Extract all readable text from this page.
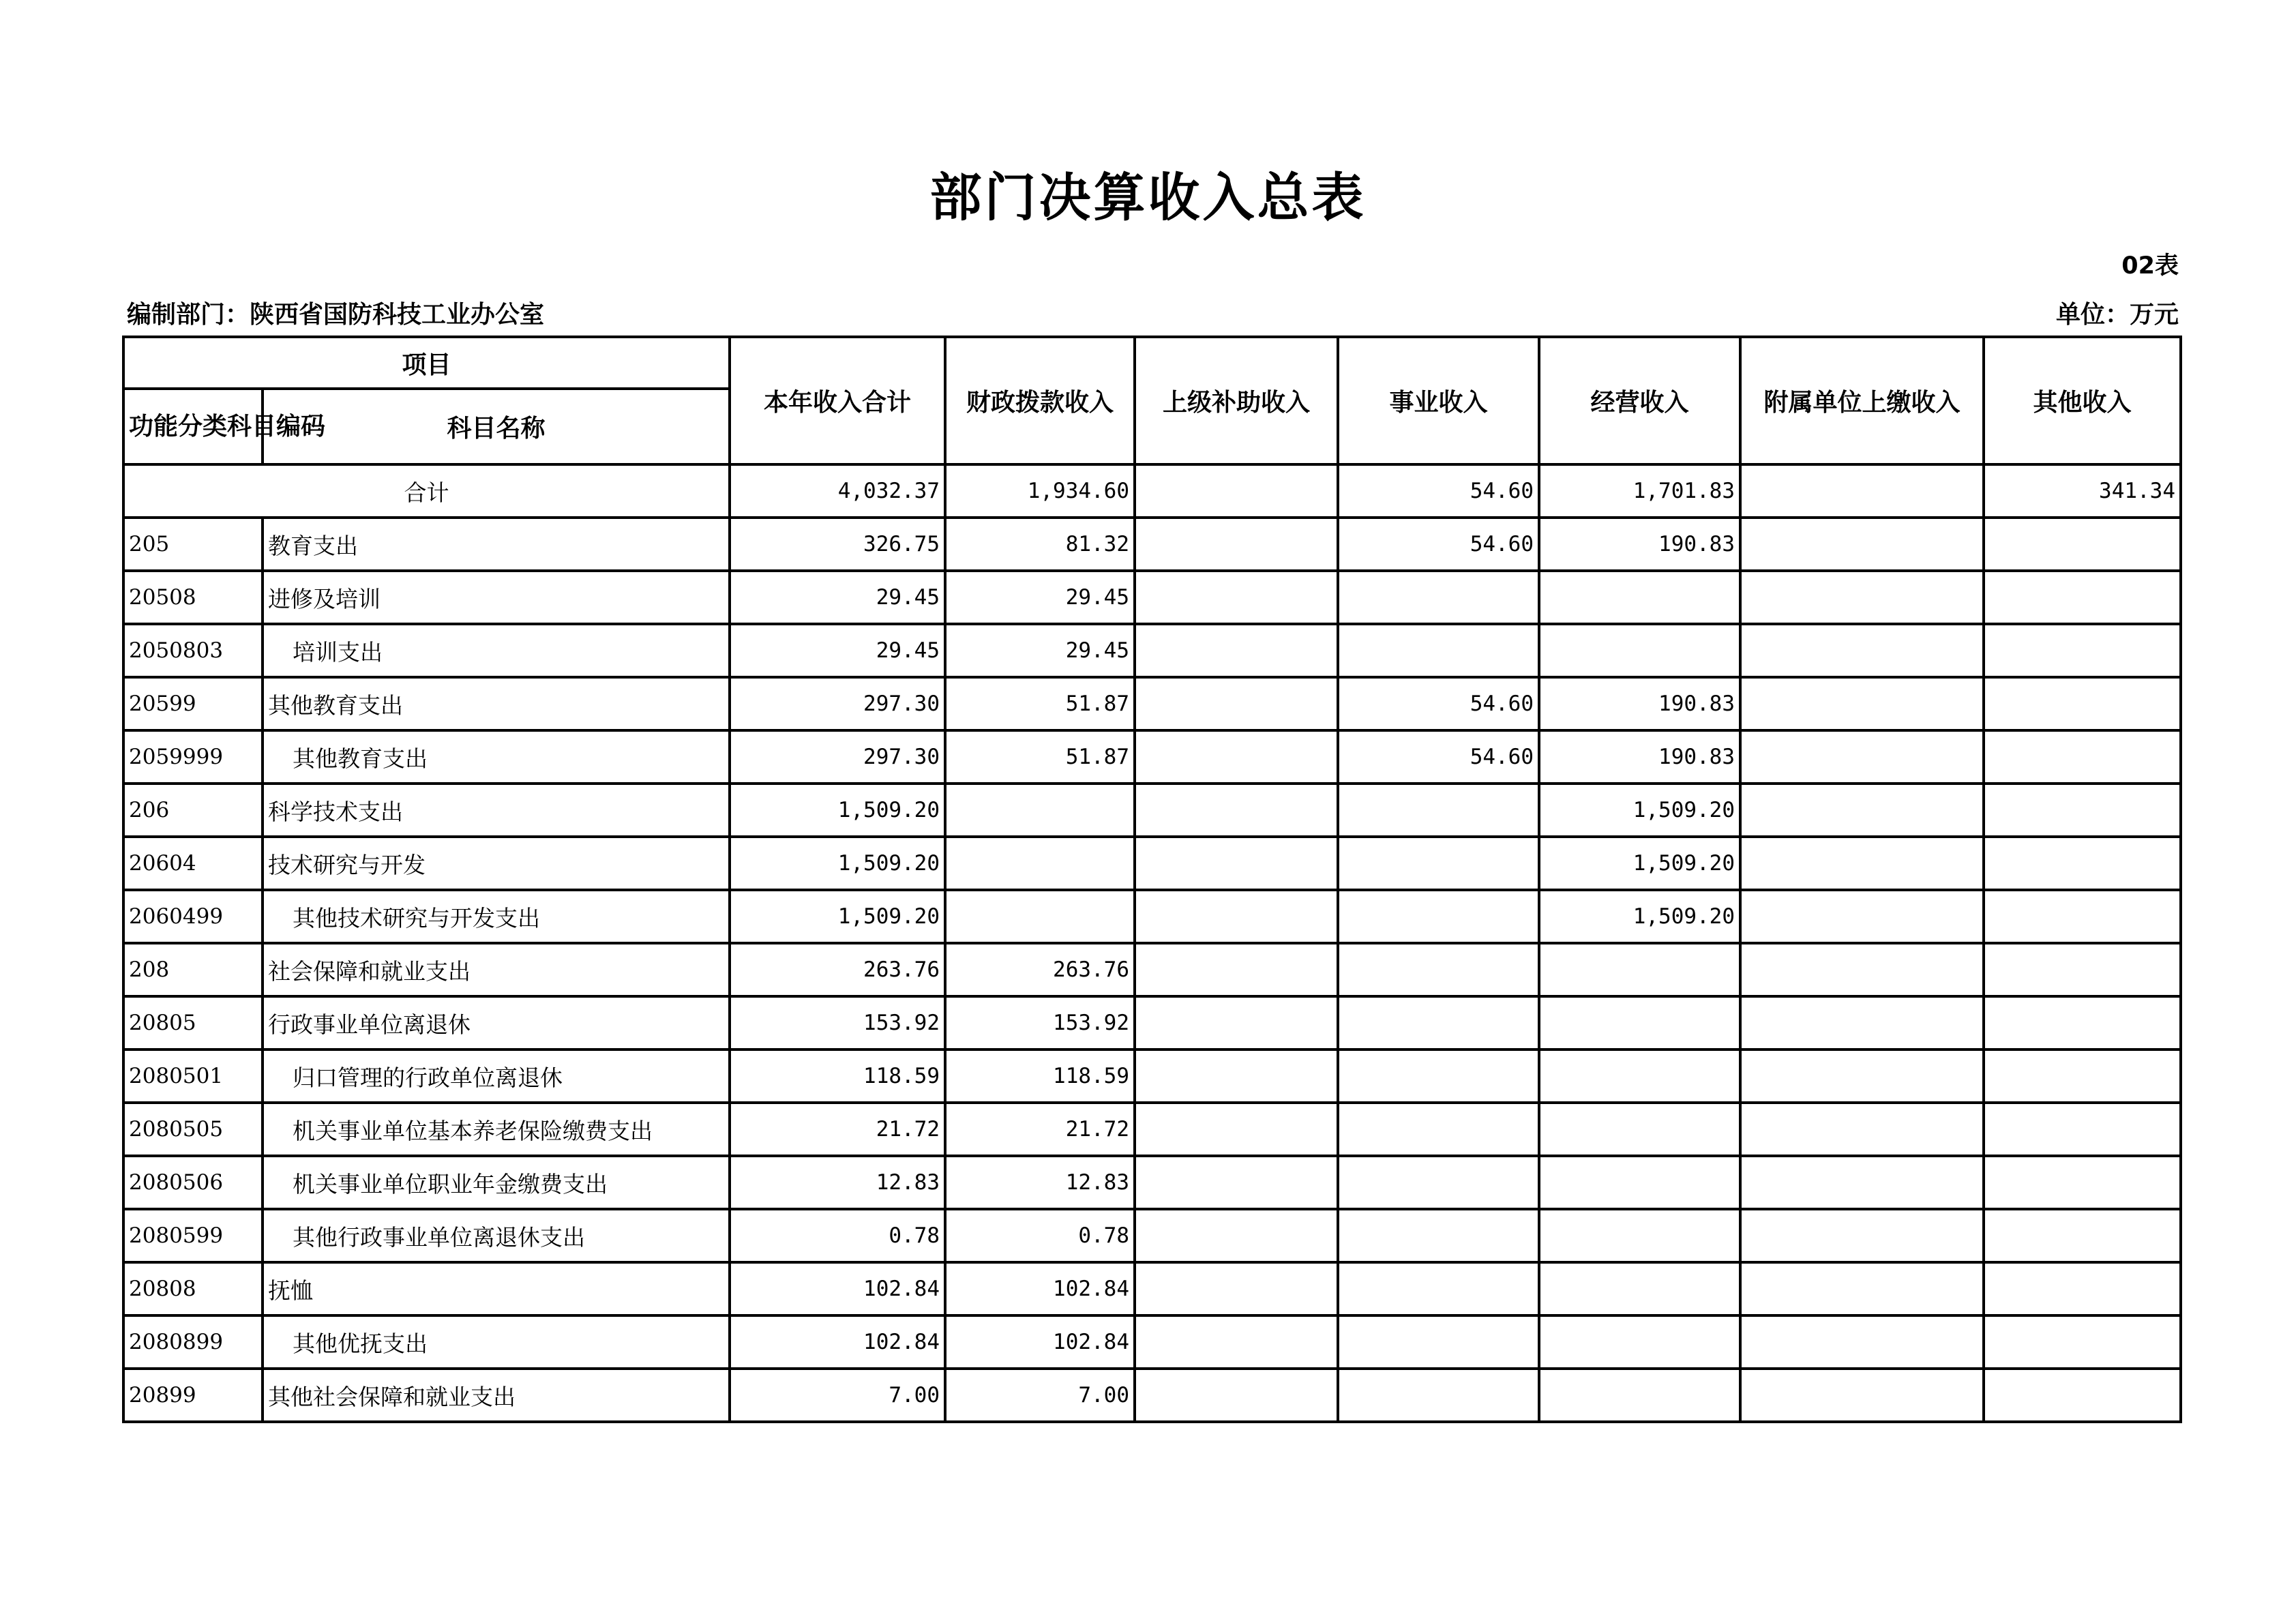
部门决算收入总表
02表
编制部门：陕西省国防科技工业办公室	单位：万元
项目		本年收入合计	财政拨款收入	上级补助收入	事业收入	经营收入	附属单位上缴收入	其他收入
功能分类科目编码	科目名称							
合计		4,032.37	1,934.60		54.60	1,701.83		341.34
205	教育支出	326.75	81.32		54.60	190.83		
20508	进修及培训	29.45	29.45					
2050803	培训支出	29.45	29.45					
20599	其他教育支出	297.30	51.87		54.60	190.83		
2059999	其他教育支出	297.30	51.87		54.60	190.83		
206	科学技术支出	1,509.20				1,509.20		
20604	技术研究与开发	1,509.20				1,509.20		
2060499	其他技术研究与开发支出	1,509.20				1,509.20		
208	社会保障和就业支出	263.76	263.76					
20805	行政事业单位离退休	153.92	153.92					
2080501	归口管理的行政单位离退休	118.59	118.59					
2080505	机关事业单位基本养老保险缴费支出	21.72	21.72					
2080506	机关事业单位职业年金缴费支出	12.83	12.83					
2080599	其他行政事业单位离退休支出	0.78	0.78					
20808	抚恤	102.84	102.84					
2080899	其他优抚支出	102.84	102.84					
20899	其他社会保障和就业支出	7.00	7.00					
